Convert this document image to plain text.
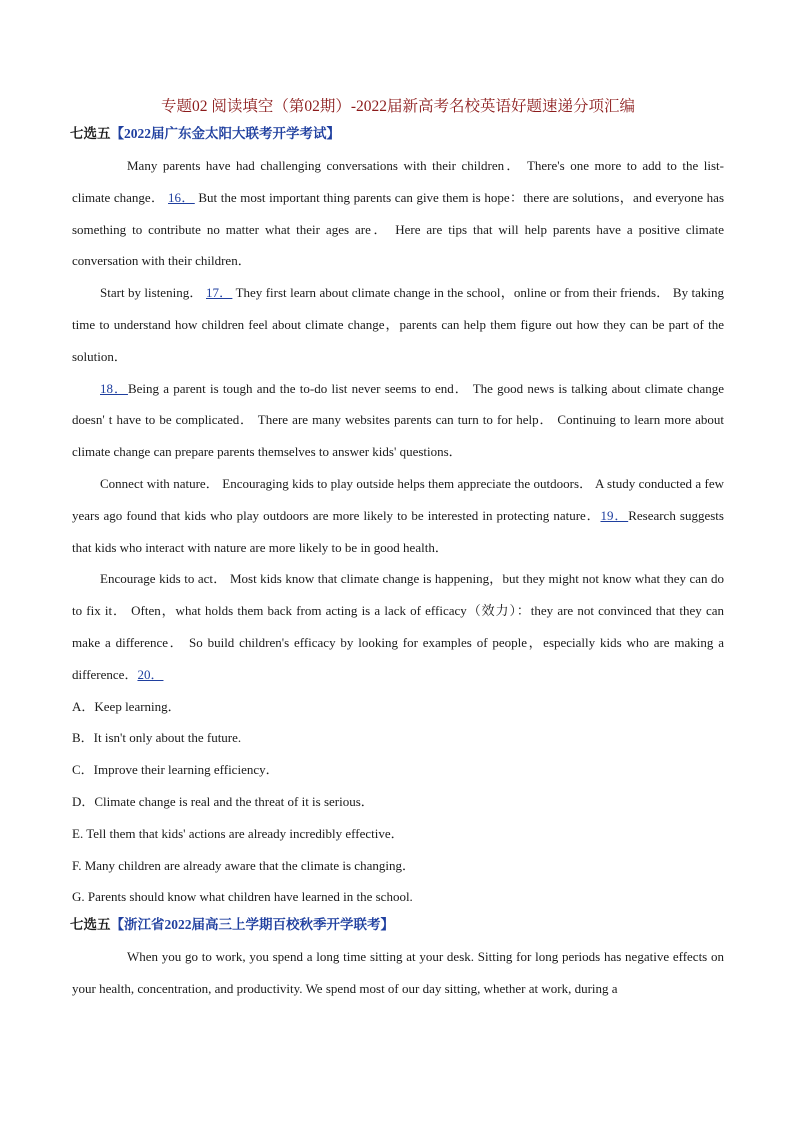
专题02 阅读填空（第02期）-2022届新高考名校英语好题速递分项汇编
七选五【2022届广东金太阳大联考开学考试】

Many parents have had challenging conversations with their children． There's one more to add to the list- climate change． 16． But the most important thing parents can give them is hope：there are solutions，and everyone has something to contribute no matter what their ages are． Here are tips that will help parents have a positive climate conversation with their children．

Start by listening． 17． They first learn about climate change in the school，online or from their friends． By taking time to understand how children feel about climate change，parents can help them figure out how they can be part of the solution．

18．Being a parent is tough and the to-do list never seems to end． The good news is talking about climate change doesn' t have to be complicated． There are many websites parents can turn to for help． Continuing to learn more about climate change can prepare parents themselves to answer kids' questions．

Connect with nature． Encouraging kids to play outside helps them appreciate the outdoors． A study conducted a few years ago found that kids who play outdoors are more likely to be interested in protecting nature．19．Research suggests that kids who interact with nature are more likely to be in good health．

Encourage kids to act． Most kids know that climate change is happening，but they might not know what they can do to fix it． Often，what holds them back from acting is a lack of efficacy（效力）：they are not convinced that they can make a difference． So build children's efficacy by looking for examples of people，especially kids who are making a difference．20．

A．Keep learning．
B．It isn't only about the future.
C．Improve their learning efficiency．
D．Climate change is real and the threat of it is serious．
E. Tell them that kids' actions are already incredibly effective．
F. Many children are already aware that the climate is changing．
G. Parents should know what children have learned in the school.
七选五【浙江省2022届高三上学期百校秋季开学联考】

When you go to work, you spend a long time sitting at your desk. Sitting for long periods has negative effects on your health, concentration, and productivity. We spend most of our day sitting, whether at work, during a
